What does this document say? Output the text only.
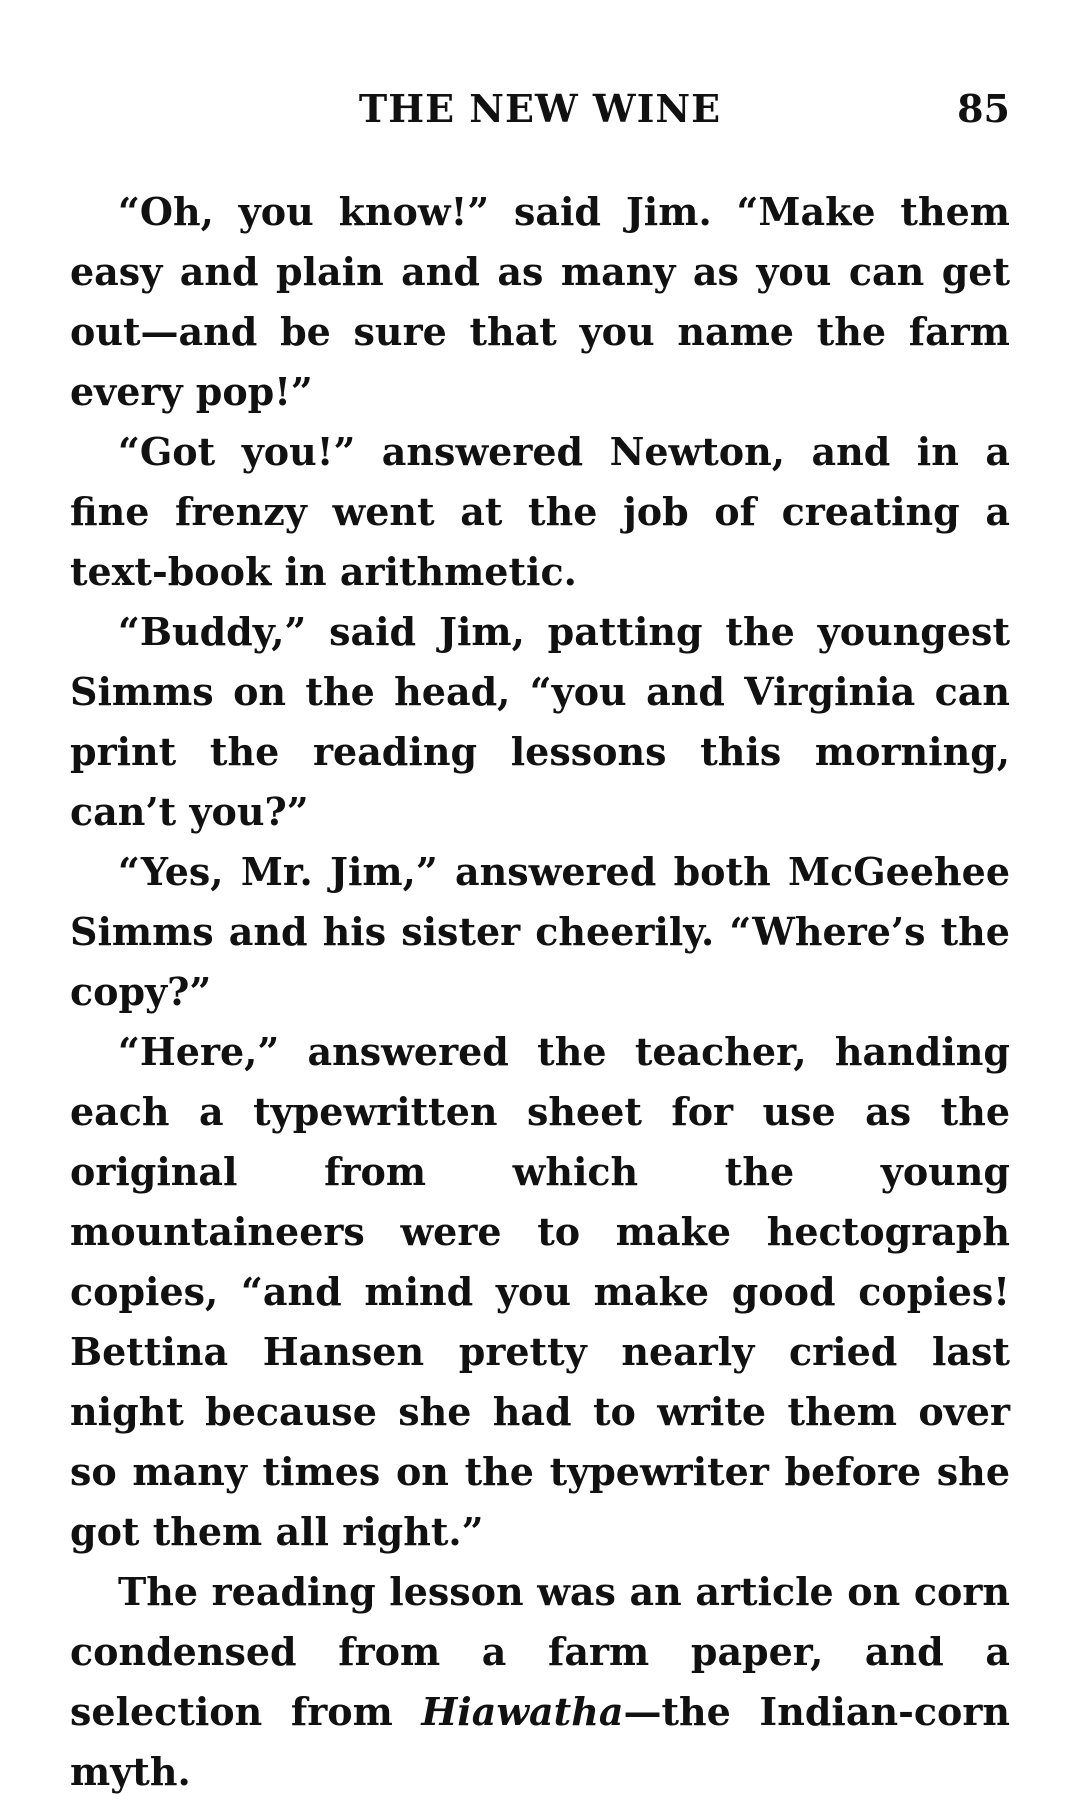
THE NEW WINE	85

“Oh, you know!” said Jim. “Make them easy and plain and as many as you can get out—and be sure that you name the farm every pop!”

“Got you!” answered Newton, and in a fine frenzy went at the job of creating a text-book in arithmetic.

“Buddy,” said Jim, patting the youngest Simms on the head, “you and Virginia can print the reading lessons this morning, can’t you?”

“Yes, Mr. Jim,” answered both McGeehee Simms and his sister cheerily. “Where’s the copy?”

“Here,” answered the teacher, handing each a typewritten sheet for use as the original from which the young mountaineers were to make hectograph copies, “and mind you make good copies! Bettina Hansen pretty nearly cried last night because she had to write them over so many times on the typewriter before she got them all right.”

The reading lesson was an article on corn condensed from a farm paper, and a selection from Hiawatha—the Indian-corn myth.
